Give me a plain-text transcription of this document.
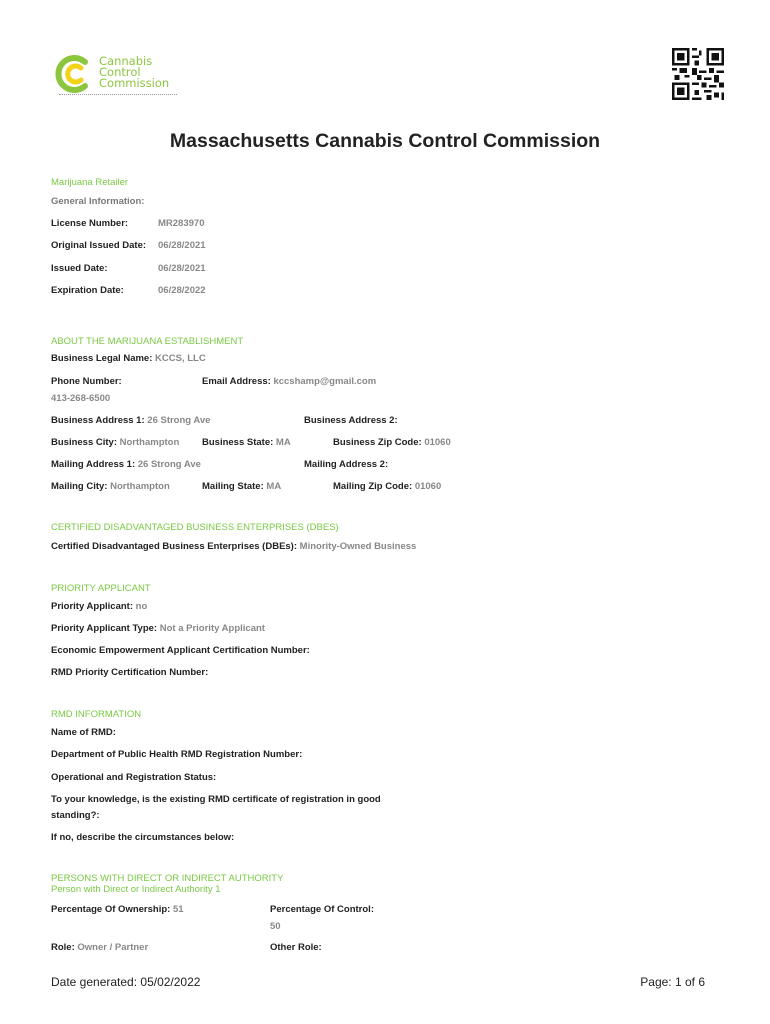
Cannabis
Control
Commission
Massachusetts Cannabis Control Commission
Marijuana Retailer
General Information:
License Number:	MR283970
Original Issued Date: 06/28/2021
Issued Date:	06/28/2021
Expiration Date:	06/28/2022
ABOUT THE MARIJUANA ESTABLISHMENT
Business Legal Name: KCCS, LLC
Phone Number:	Email Address: kccshamp@gmail.com
413-268-6500
Business Address 1: 26 Strong Ave	Business Address 2:
Business City: Northampton Business State: MA	Business Zip Code: 01060
Mailing Address 1: 26 Strong Ave	Mailing Address 2:
Mailing City: Northampton	Mailing State: MA	Mailing Zip Code: 01060
CERTIFIED DISADVANTAGED BUSINESS ENTERPRISES (DBES)
Certified Disadvantaged Business Enterprises (DBEs): Minority-Owned Business
PRIORITY APPLICANT
Priority Applicant: no
Priority Applicant Type: Not a Priority Applicant
Economic Empowerment Applicant Certification Number:
RMD Priority Certification Number:
RMD INFORMATION
Name of RMD:
Department of Public Health RMD Registration Number:
Operational and Registration Status:
To your knowledge, is the existing RMD certificate of registration in good
standing?:
If no, describe the circumstances below:
PERSONS WITH DIRECT OR INDIRECT AUTHORITY
Person with Direct or Indirect Authority 1
Percentage Of Ownership: 51	Percentage Of Control:
50
Role: Owner / Partner	Other Role:
Date generated: 05/02/2022	Page: 1 of 6
